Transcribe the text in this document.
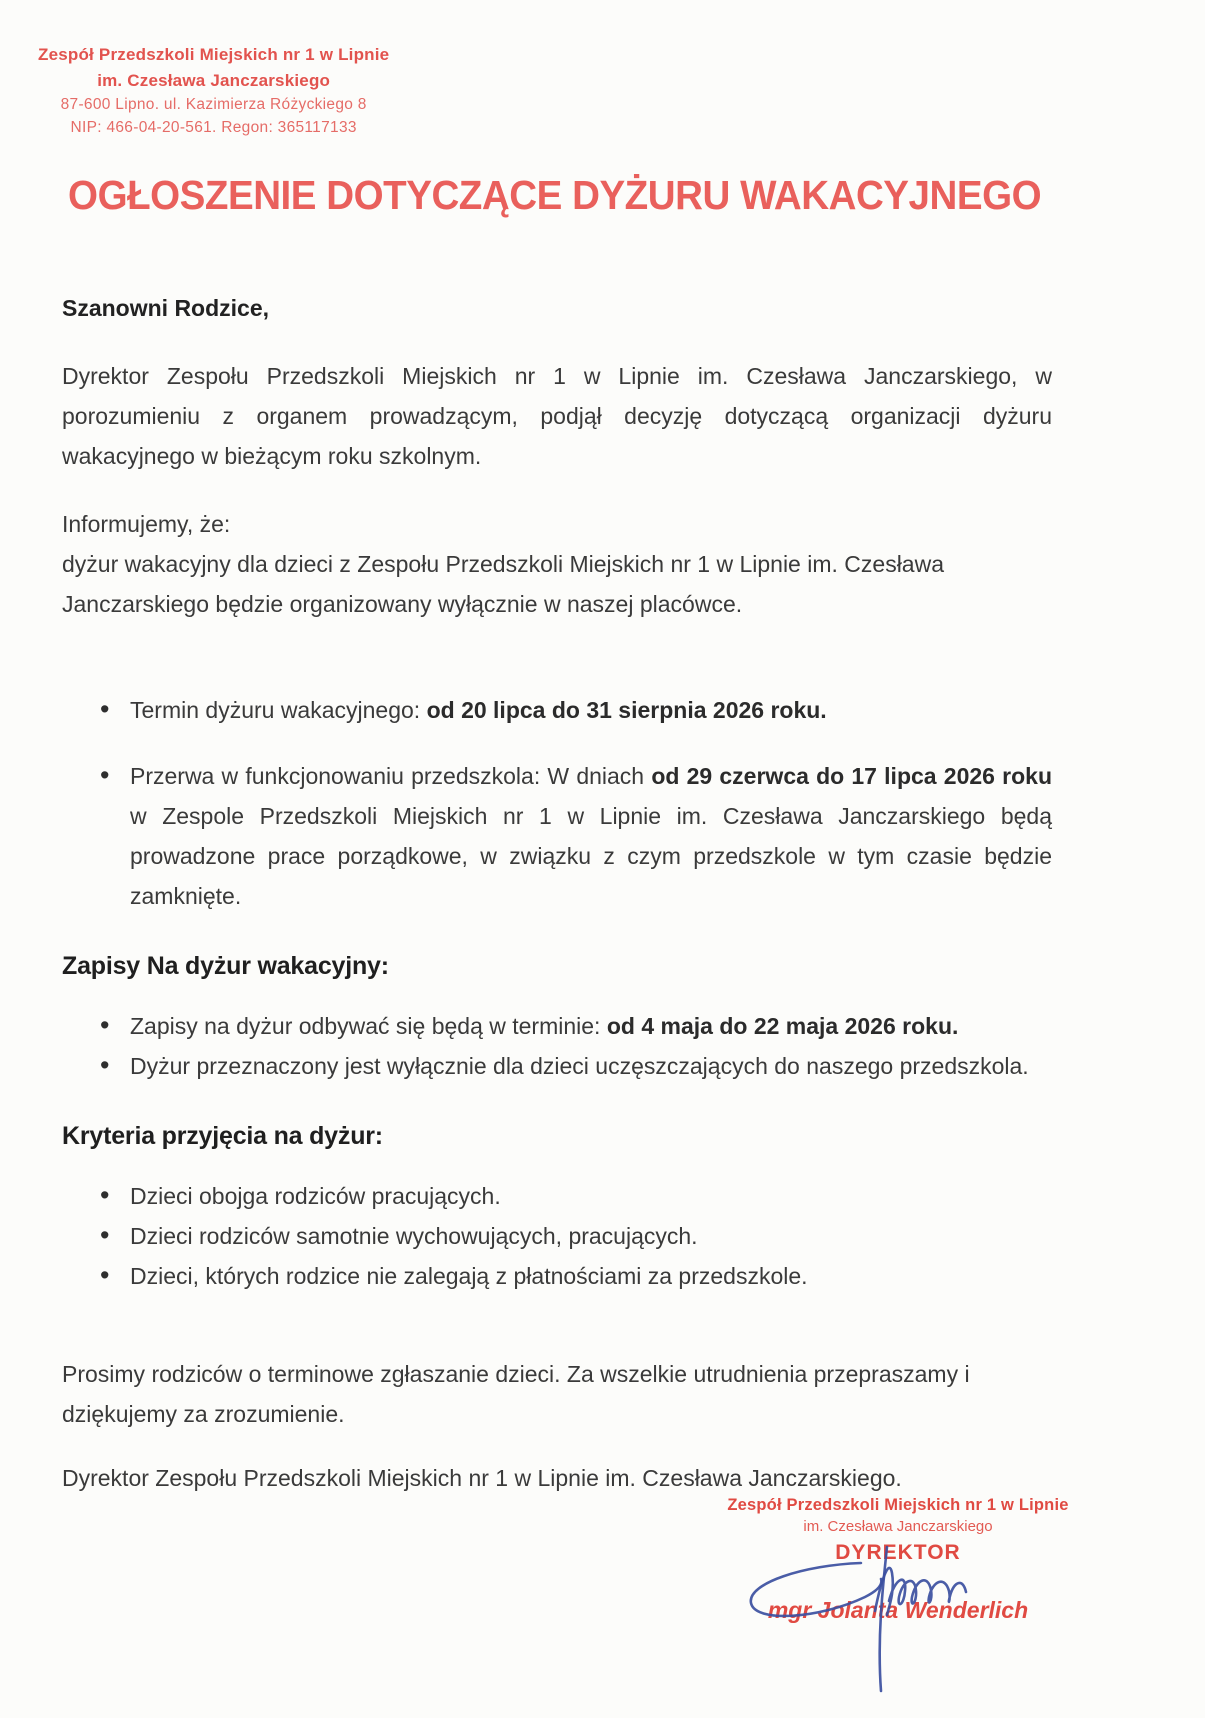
Zespół Przedszkoli Miejskich nr 1 w Lipnie
im. Czesława Janczarskiego
87-600 Lipno. ul. Kazimierza Różyckiego 8
NIP: 466-04-20-561. Regon: 365117133
OGŁOSZENIE DOTYCZĄCE DYŻURU WAKACYJNEGO

Szanowni Rodzice,

Dyrektor Zespołu Przedszkoli Miejskich nr 1 w Lipnie im. Czesława Janczarskiego, w porozumieniu z organem prowadzącym, podjął decyzję dotyczącą organizacji dyżuru wakacyjnego w bieżącym roku szkolnym.

Informujemy, że:
dyżur wakacyjny dla dzieci z Zespołu Przedszkoli Miejskich nr 1 w Lipnie im. Czesława Janczarskiego będzie organizowany wyłącznie w naszej placówce.

• Termin dyżuru wakacyjnego: od 20 lipca do 31 sierpnia 2026 roku.
• Przerwa w funkcjonowaniu przedszkola: W dniach od 29 czerwca do 17 lipca 2026 roku w Zespole Przedszkoli Miejskich nr 1 w Lipnie im. Czesława Janczarskiego będą prowadzone prace porządkowe, w związku z czym przedszkole w tym czasie będzie zamknięte.
Zapisy Na dyżur wakacyjny:
• Zapisy na dyżur odbywać się będą w terminie: od 4 maja do 22 maja 2026 roku.
• Dyżur przeznaczony jest wyłącznie dla dzieci uczęszczających do naszego przedszkola.
Kryteria przyjęcia na dyżur:
• Dzieci obojga rodziców pracujących.
• Dzieci rodziców samotnie wychowujących, pracujących.
• Dzieci, których rodzice nie zalegają z płatnościami za przedszkole.

Prosimy rodziców o terminowe zgłaszanie dzieci. Za wszelkie utrudnienia przepraszamy i dziękujemy za zrozumienie.

Dyrektor Zespołu Przedszkoli Miejskich nr 1 w Lipnie im. Czesława Janczarskiego.

Zespół Przedszkoli Miejskich nr 1 w Lipnie
im. Czesława Janczarskiego
DYREKTOR
mgr Jolanta Wenderlich
